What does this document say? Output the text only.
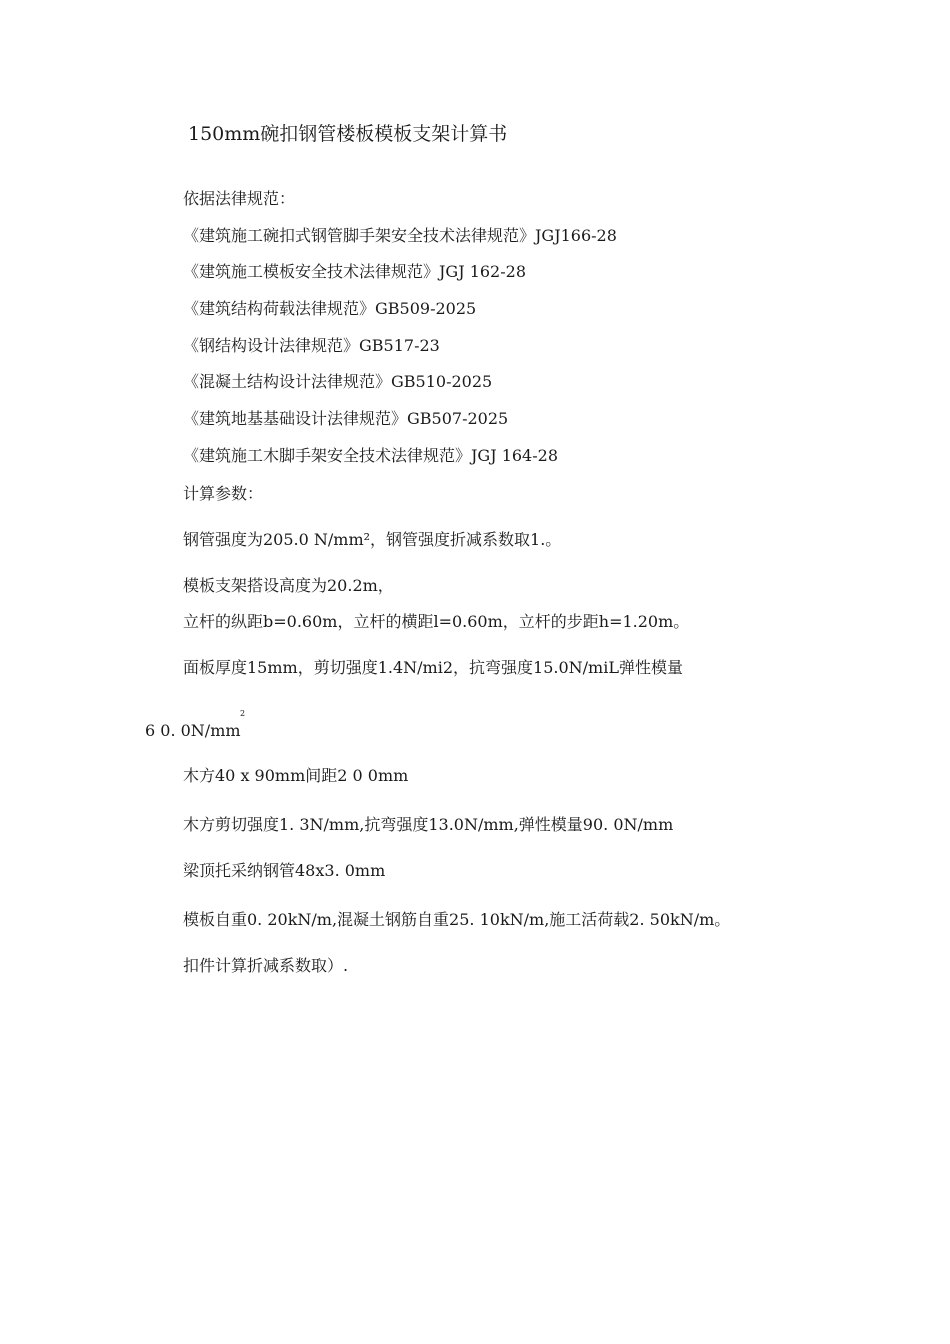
150mm碗扣钢管楼板模板支架计算书
依据法律规范：
《建筑施工碗扣式钢管脚手架安全技术法律规范》JGJ166-28
《建筑施工模板安全技术法律规范》JGJ 162-28
《建筑结构荷载法律规范》GB509-2025
《钢结构设计法律规范》GB517-23
《混凝土结构设计法律规范》GB510-2025
《建筑地基基础设计法律规范》GB507-2025
《建筑施工木脚手架安全技术法律规范》JGJ 164-28
计算参数：
钢管强度为205.0 N/mm²，钢管强度折减系数取1.。
模板支架搭设高度为20.2m，
立杆的纵距b=0.60m，立杆的横距l=0.60m，立杆的步距h=1.20m。
面板厚度15mm，剪切强度1.4N/mi2，抗弯强度15.0N/miL弹性模量
6 0. 0N/mm
2
木方40 x 90mm间距2 0 0mm
木方剪切强度1. 3N/mm,抗弯强度13.0N/mm,弹性模量90. 0N/mm
梁顶托采纳钢管48x3. 0mm
模板自重0. 20kN/m,混凝土钢筋自重25. 10kN/m,施工活荷载2. 50kN/m。
扣件计算折减系数取）.
